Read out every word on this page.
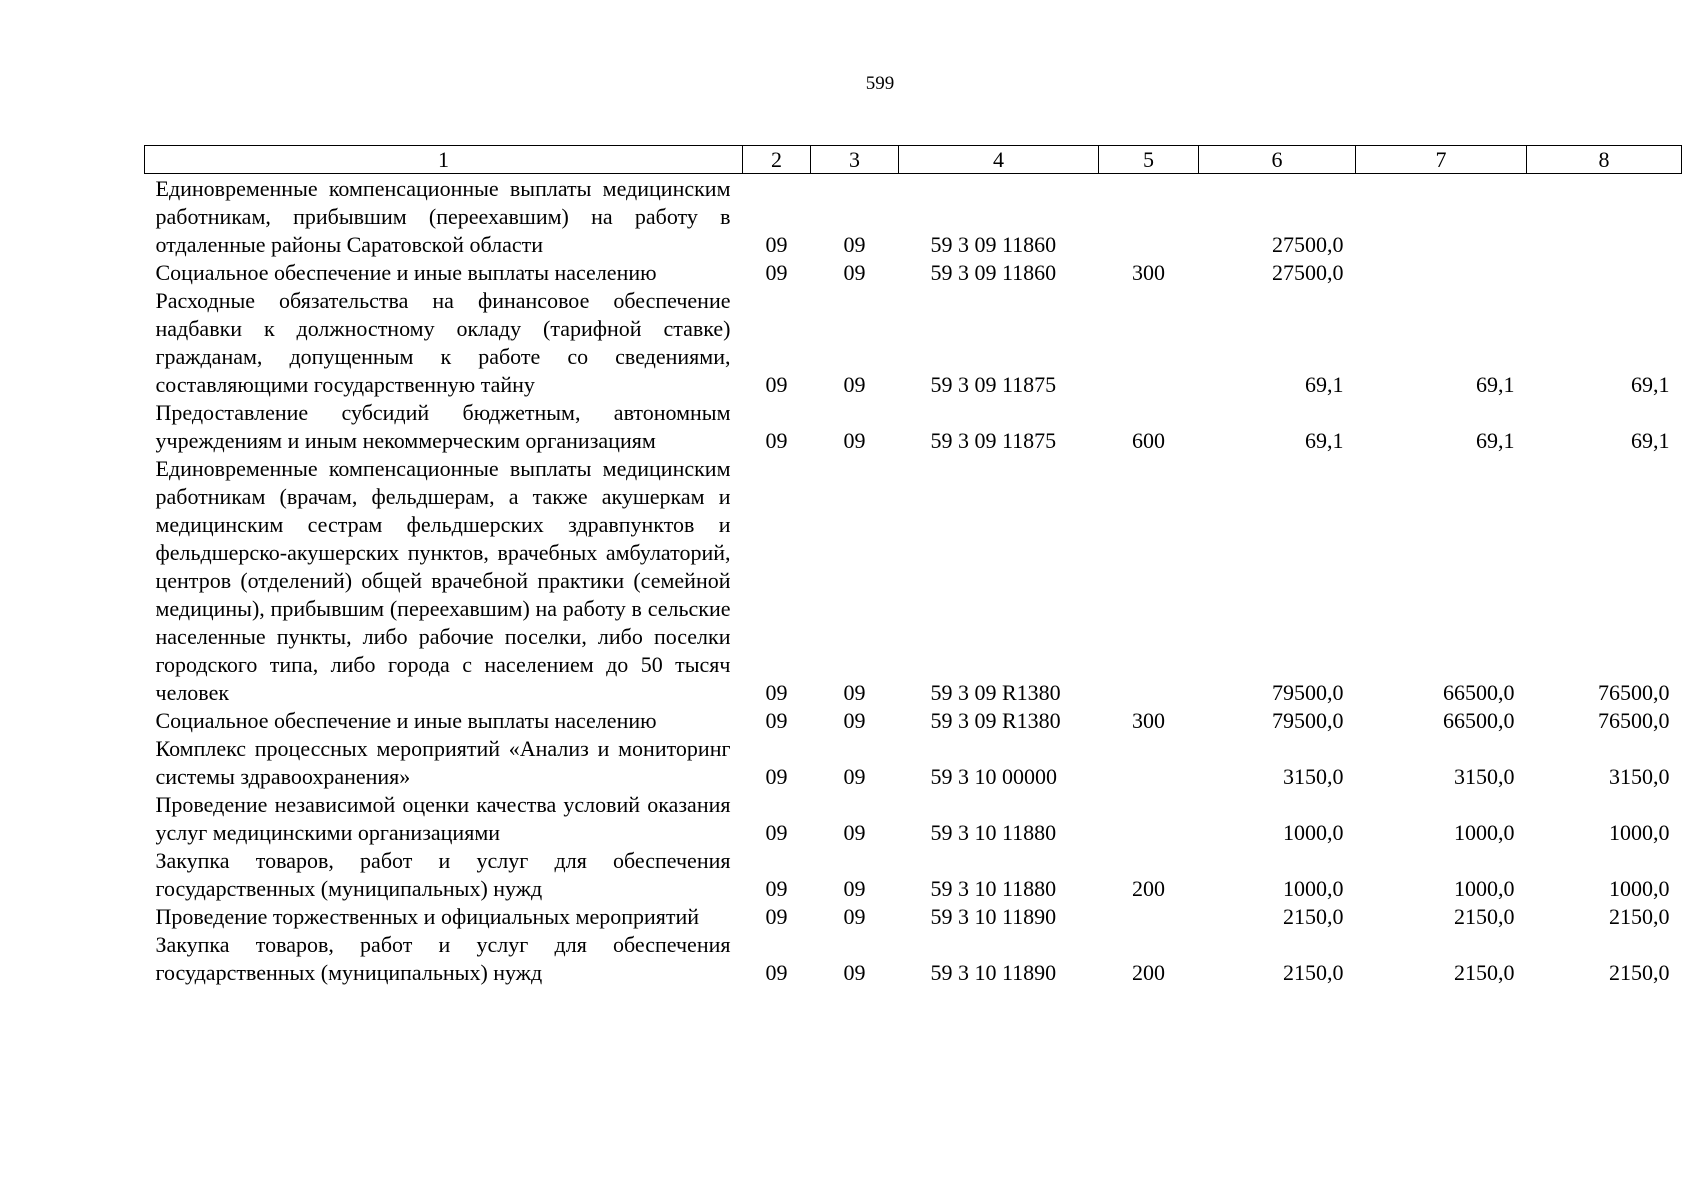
599
1	2	3	4	5	6	7	8
Единовременные компенсационные выплаты медицинским работникам, прибывшим (переехавшим) на работу в отдаленные районы Саратовской области	09	09	59 3 09 11860		27500,0		
Социальное обеспечение и иные выплаты населению	09	09	59 3 09 11860	300	27500,0		
Расходные обязательства на финансовое обеспечение надбавки к должностному окладу (тарифной ставке) гражданам, допущенным к работе со сведениями, составляющими государственную тайну	09	09	59 3 09 11875		69,1	69,1	69,1
Предоставление субсидий бюджетным, автономным учреждениям и иным некоммерческим организациям	09	09	59 3 09 11875	600	69,1	69,1	69,1
Единовременные компенсационные выплаты медицинским работникам (врачам, фельдшерам, а также акушеркам и медицинским сестрам фельдшерских здравпунктов и фельдшерско-акушерских пунктов, врачебных амбулаторий, центров (отделений) общей врачебной практики (семейной медицины), прибывшим (переехавшим) на работу в сельские населенные пункты, либо рабочие поселки, либо поселки городского типа, либо города с населением до 50 тысяч человек	09	09	59 3 09 R1380		79500,0	66500,0	76500,0
Социальное обеспечение и иные выплаты населению	09	09	59 3 09 R1380	300	79500,0	66500,0	76500,0
Комплекс процессных мероприятий «Анализ и мониторинг системы здравоохранения»	09	09	59 3 10 00000		3150,0	3150,0	3150,0
Проведение независимой оценки качества условий оказания услуг медицинскими организациями	09	09	59 3 10 11880		1000,0	1000,0	1000,0
Закупка товаров, работ и услуг для обеспечения государственных (муниципальных) нужд	09	09	59 3 10 11880	200	1000,0	1000,0	1000,0
Проведение торжественных и официальных мероприятий	09	09	59 3 10 11890		2150,0	2150,0	2150,0
Закупка товаров, работ и услуг для обеспечения государственных (муниципальных) нужд	09	09	59 3 10 11890	200	2150,0	2150,0	2150,0
